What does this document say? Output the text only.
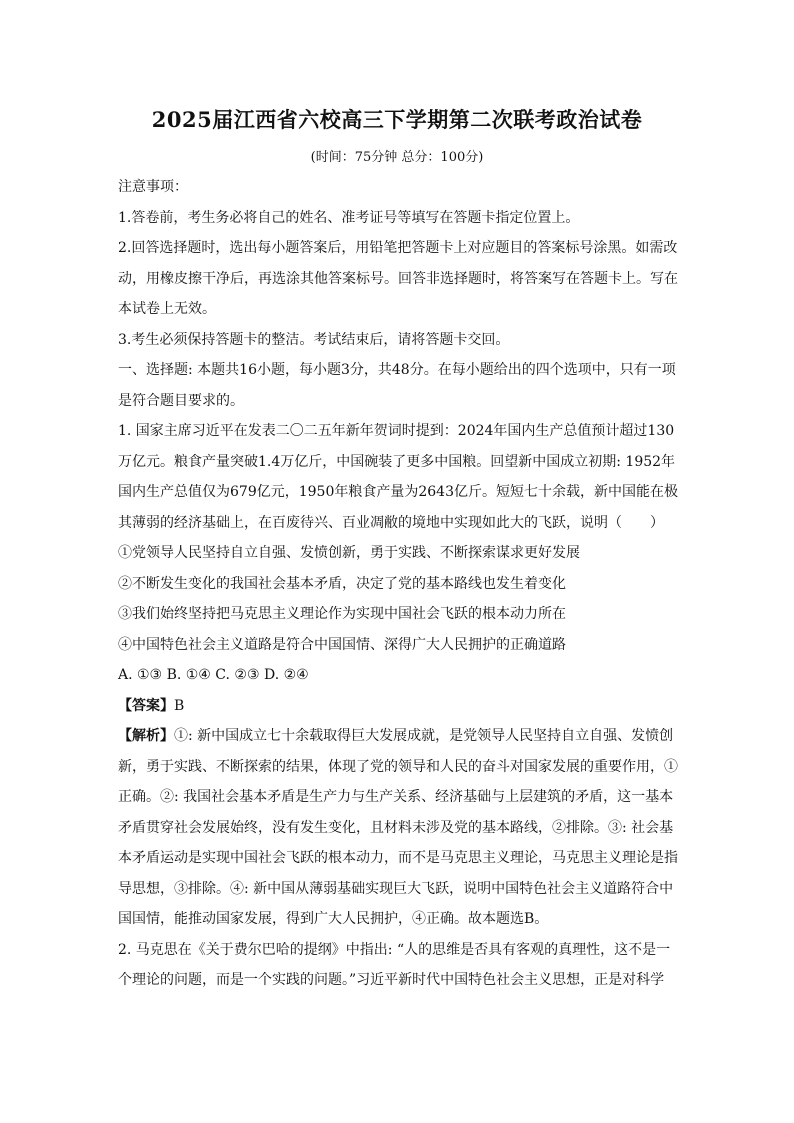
2025届江西省六校高三下学期第二次联考政治试卷
(时间：75分钟 总分：100分)

注意事项：

1.答卷前，考生务必将自己的姓名、准考证号等填写在答题卡指定位置上。

2.回答选择题时，选出每小题答案后，用铅笔把答题卡上对应题目的答案标号涂黑。如需改动，用橡皮擦干净后，再选涂其他答案标号。回答非选择题时，将答案写在答题卡上。写在 本试卷上无效。

3.考生必须保持答题卡的整洁。考试结束后，请将答题卡交回。

一、选择题: 本题共16小题，每小题3分，共48分。在每小题给出的四个选项中，只有一项是符合题目要求的。

1. 国家主席习近平在发表二〇二五年新年贺词时提到：2024年国内生产总值预计超过130万亿元。粮食产量突破1.4万亿斤，中国碗装了更多中国粮。回望新中国成立初期: 1952年国内生产总值仅为679亿元，1950年粮食产量为2643亿斤。短短七十余载，新中国能在极其薄弱的经济基础上，在百废待兴、百业凋敝的境地中实现如此大的飞跃，说明（　　）

①党领导人民坚持自立自强、发愤创新，勇于实践、不断探索谋求更好发展

②不断发生变化的我国社会基本矛盾，决定了党的基本路线也发生着变化

③我们始终坚持把马克思主义理论作为实现中国社会飞跃的根本动力所在

④中国特色社会主义道路是符合中国国情、深得广大人民拥护的正确道路

A. ①③ B. ①④ C. ②③ D. ②④

【答案】B

【解析】①: 新中国成立七十余载取得巨大发展成就，是党领导人民坚持自立自强、发愤创新，勇于实践、不断探索的结果，体现了党的领导和人民的奋斗对国家发展的重要作用，①正确。②: 我国社会基本矛盾是生产力与生产关系、经济基础与上层建筑的矛盾，这一基本矛盾贯穿社会发展始终，没有发生变化，且材料未涉及党的基本路线，②排除。③: 社会基本矛盾运动是实现中国社会飞跃的根本动力，而不是马克思主义理论，马克思主义理论是指导思想，③排除。④: 新中国从薄弱基础实现巨大飞跃，说明中国特色社会主义道路符合中国国情，能推动国家发展，得到广大人民拥护，④正确。故本题选B。

2. 马克思在《关于费尔巴哈的提纲》中指出: “人的思维是否具有客观的真理性，这不是一个理论的问题，而是一个实践的问题。”习近平新时代中国特色社会主义思想，正是对科学
